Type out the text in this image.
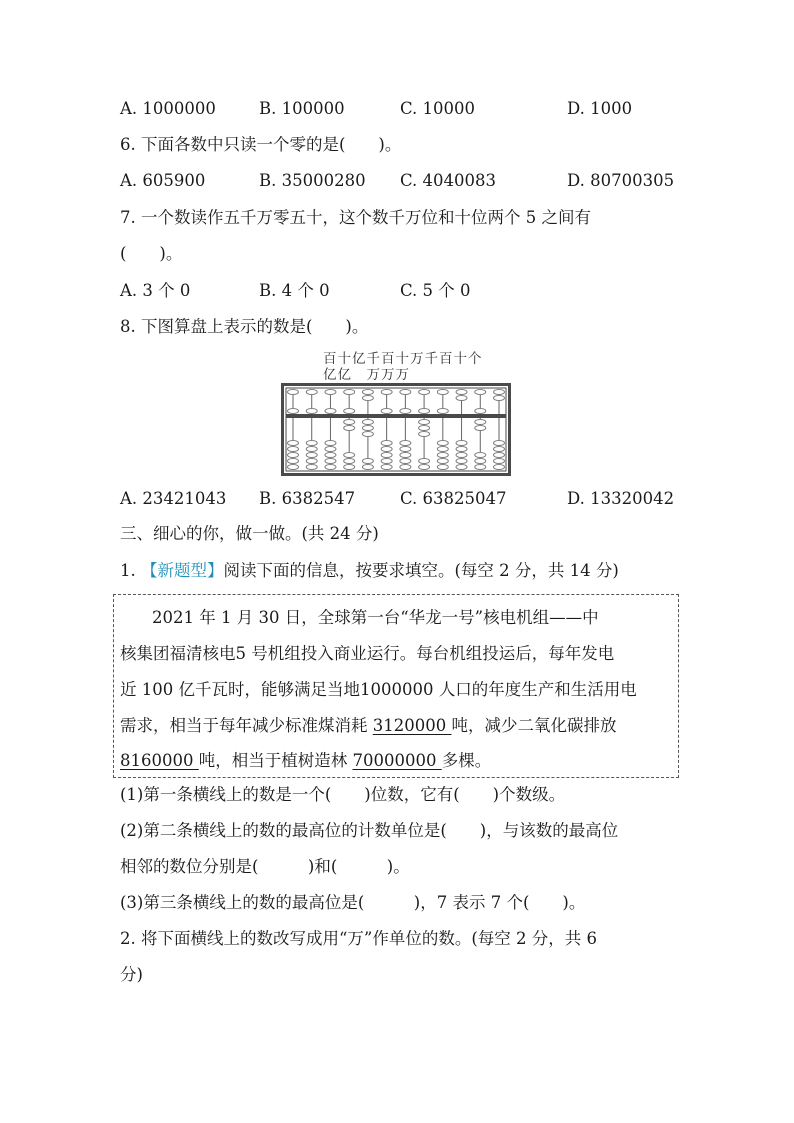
A. 1000000	B. 100000	C. 10000	D. 1000
6. 下面各数中只读一个零的是(　　)。
A. 605900	B. 35000280 C. 4040083	D. 80700305
7. 一个数读作五千万零五十，这个数千万位和十位两个 5 之间有
(　　)。
A. 3 个 0	B. 4 个 0	C. 5 个 0
8. 下图算盘上表示的数是(　　)。
百十亿千百十万千百十个
亿亿　万万万
A. 23421043 B. 6382547	C. 63825047	D. 13320042
三、细心的你，做一做。(共 24 分)
1. 【新题型】阅读下面的信息，按要求填空。(每空 2 分，共 14 分)
2021 年 1 月 30 日，全球第一台“华龙一号”核电机组——中
核集团福清核电5 号机组投入商业运行。每台机组投运后，每年发电
近 100 亿千瓦时，能够满足当地1000000 人口的年度生产和生活用电
需求，相当于每年减少标准煤消耗 3120000 吨，减少二氧化碳排放
8160000 吨，相当于植树造林 70000000 多棵。
(1)第一条横线上的数是一个(　　)位数，它有(　　)个数级。
(2)第二条横线上的数的最高位的计数单位是(　　)，与该数的最高位
相邻的数位分别是(　　　)和(　　　)。
(3)第三条横线上的数的最高位是(　　　)，7 表示 7 个(　　)。
2. 将下面横线上的数改写成用“万”作单位的数。(每空 2 分，共 6
分)
